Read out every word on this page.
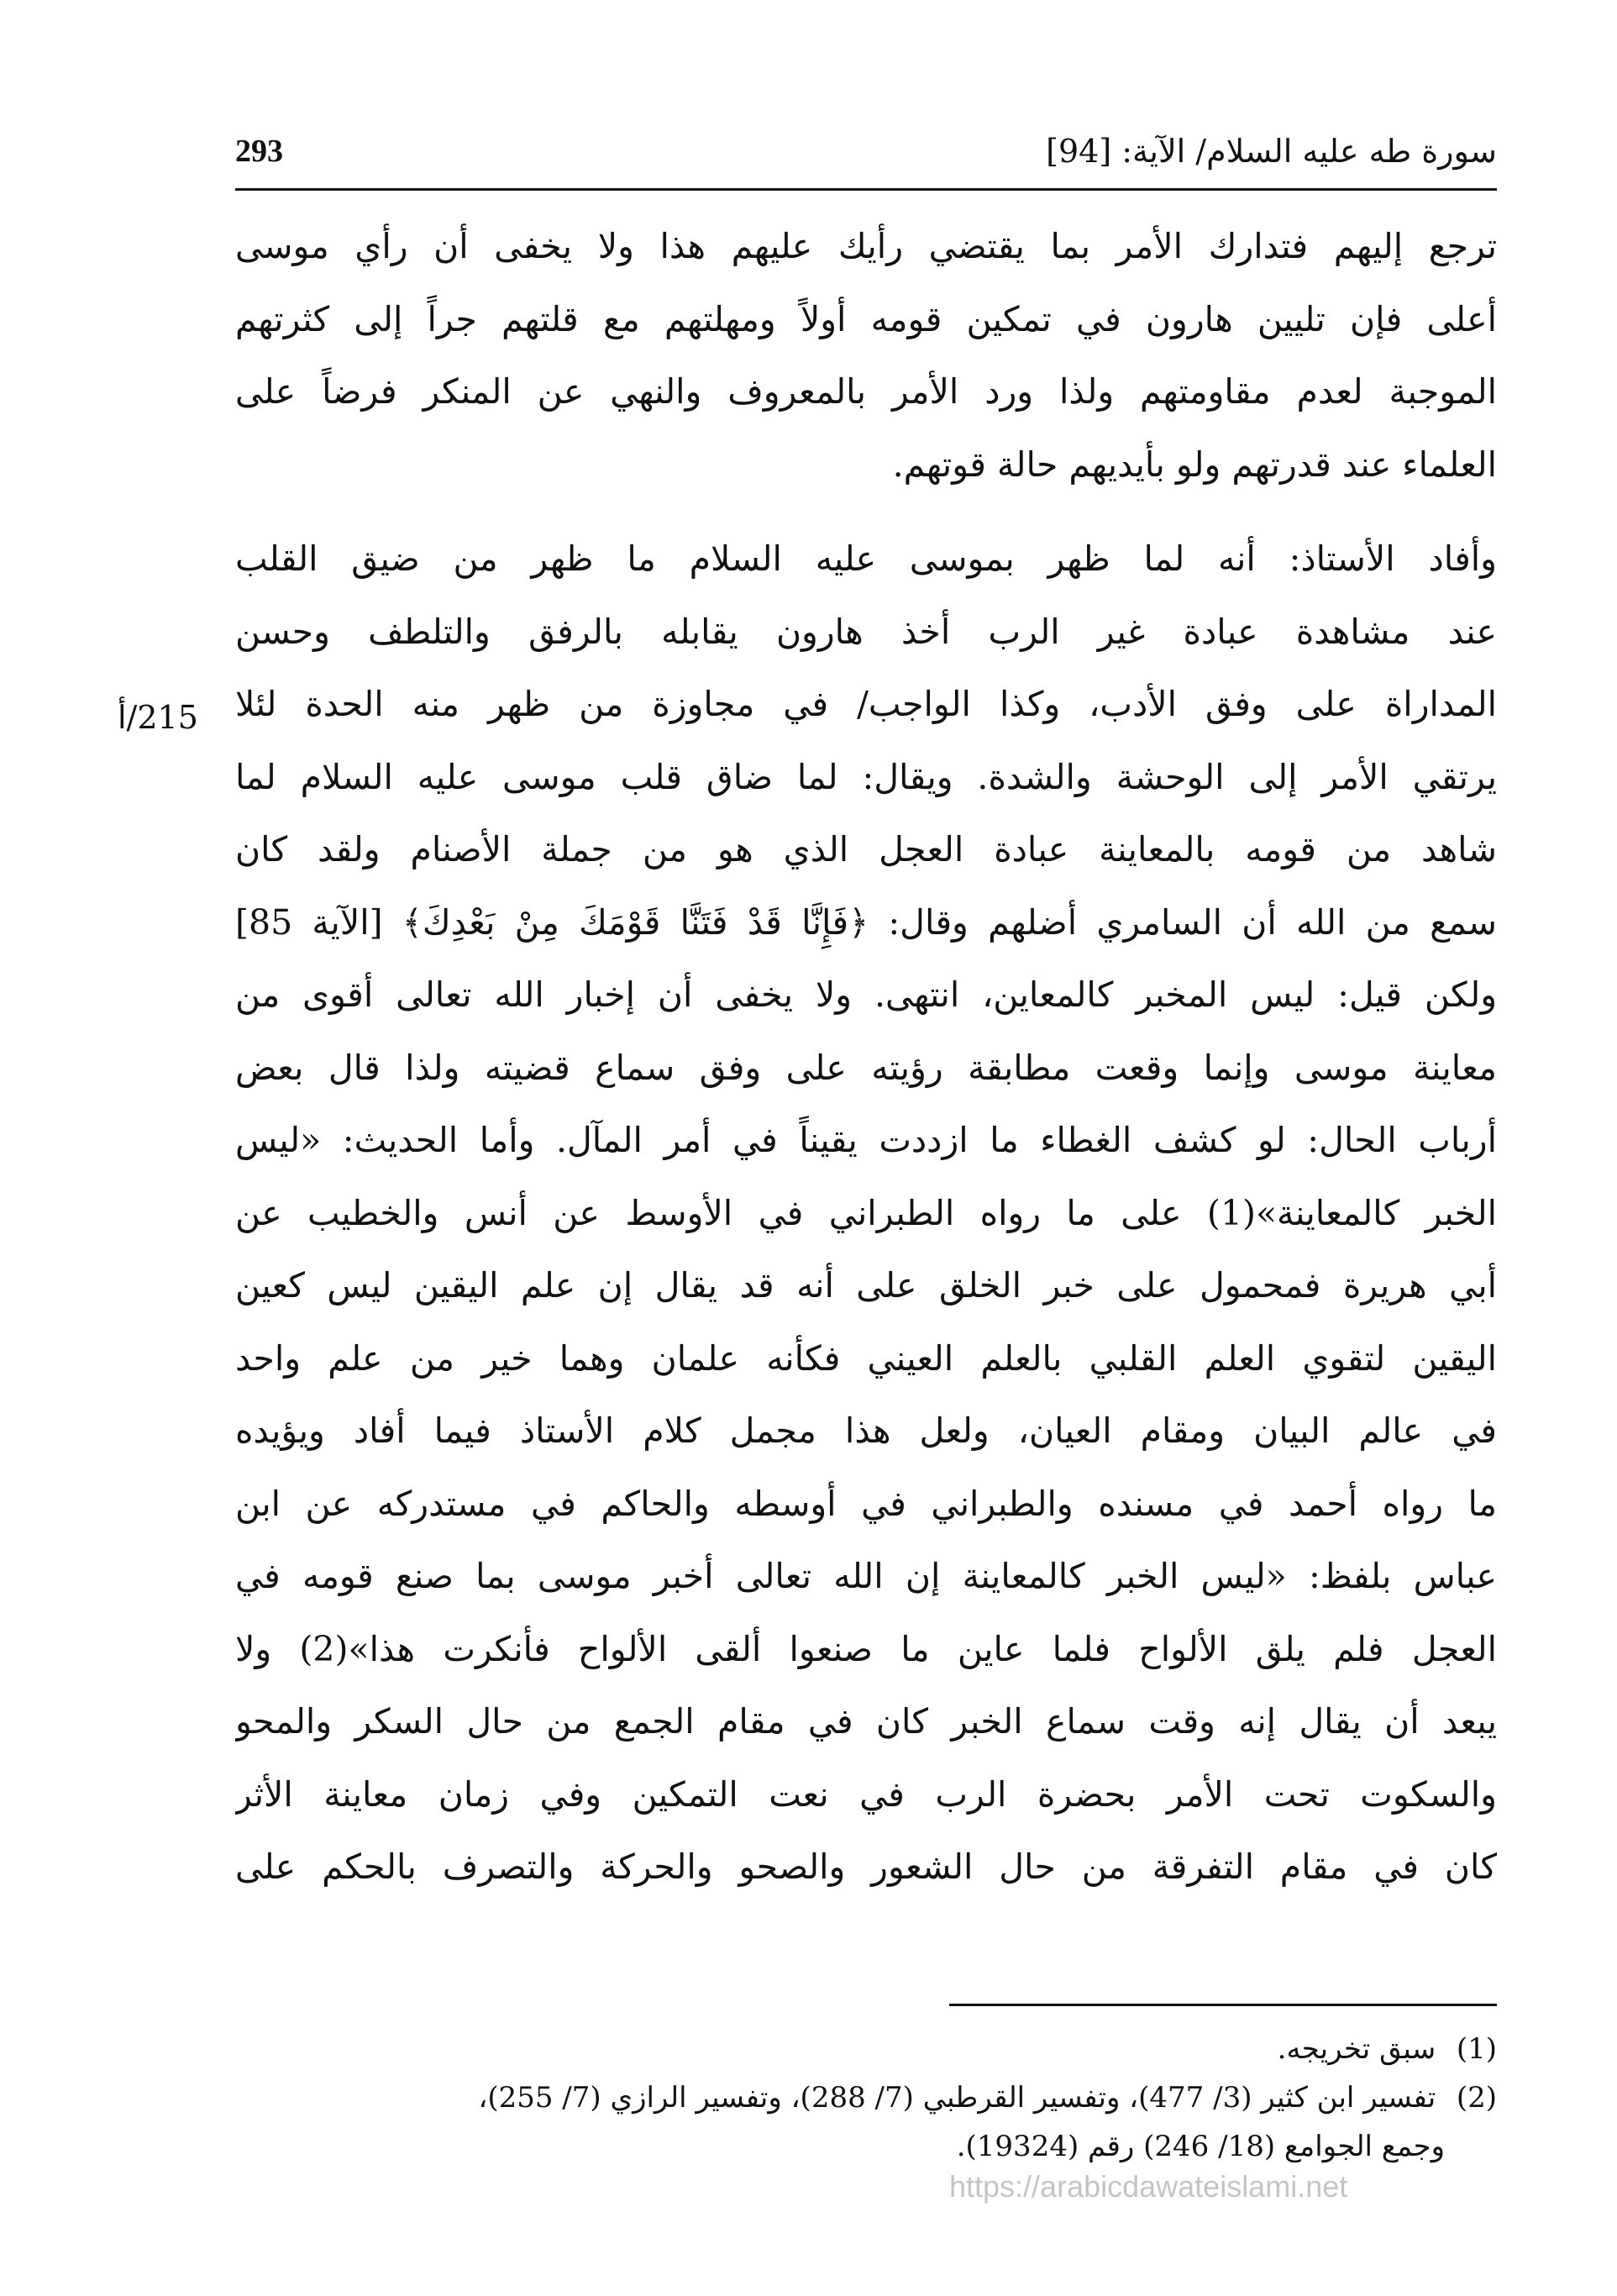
سورة طه عليه السلام/ الآية: [94]
293
215/أ

ترجع إليهم فتدارك الأمر بما يقتضي رأيك عليهم هذا ولا يخفى أن رأي موسى
أعلى فإن تليين هارون في تمكين قومه أولاً ومهلتهم مع قلتهم جراً إلى كثرتهم
الموجبة لعدم مقاومتهم ولذا ورد الأمر بالمعروف والنهي عن المنكر فرضاً على
العلماء عند قدرتهم ولو بأيديهم حالة قوتهم.

وأفاد الأستاذ: أنه لما ظهر بموسى عليه السلام ما ظهر من ضيق القلب
عند مشاهدة عبادة غير الرب أخذ هارون يقابله بالرفق والتلطف وحسن
المداراة على وفق الأدب، وكذا الواجب/ في مجاوزة من ظهر منه الحدة لئلا
يرتقي الأمر إلى الوحشة والشدة. ويقال: لما ضاق قلب موسى عليه السلام لما
شاهد من قومه بالمعاينة عبادة العجل الذي هو من جملة الأصنام ولقد كان
سمع من الله أن السامري أضلهم وقال: ﴿فَإِنَّا قَدْ فَتَنَّا قَوْمَكَ مِنْ بَعْدِكَ﴾ [الآية 85]
ولكن قيل: ليس المخبر كالمعاين، انتهى. ولا يخفى أن إخبار الله تعالى أقوى من
معاينة موسى وإنما وقعت مطابقة رؤيته على وفق سماع قضيته ولذا قال بعض
أرباب الحال: لو كشف الغطاء ما ازددت يقيناً في أمر المآل. وأما الحديث: «ليس
الخبر كالمعاينة»(1) على ما رواه الطبراني في الأوسط عن أنس والخطيب عن
أبي هريرة فمحمول على خبر الخلق على أنه قد يقال إن علم اليقين ليس كعين
اليقين لتقوي العلم القلبي بالعلم العيني فكأنه علمان وهما خير من علم واحد
في عالم البيان ومقام العيان، ولعل هذا مجمل كلام الأستاذ فيما أفاد ويؤيده
ما رواه أحمد في مسنده والطبراني في أوسطه والحاكم في مستدركه عن ابن
عباس بلفظ: «ليس الخبر كالمعاينة إن الله تعالى أخبر موسى بما صنع قومه في
العجل فلم يلق الألواح فلما عاين ما صنعوا ألقى الألواح فأنكرت هذا»(2) ولا
يبعد أن يقال إنه وقت سماع الخبر كان في مقام الجمع من حال السكر والمحو
والسكوت تحت الأمر بحضرة الرب في نعت التمكين وفي زمان معاينة الأثر
كان في مقام التفرقة من حال الشعور والصحو والحركة والتصرف بالحكم على

(1) سبق تخريجه.
(2) تفسير ابن كثير (3/ 477)، وتفسير القرطبي (7/ 288)، وتفسير الرازي (7/ 255)،
وجمع الجوامع (18/ 246) رقم (19324).
https://arabicdawateislami.net
